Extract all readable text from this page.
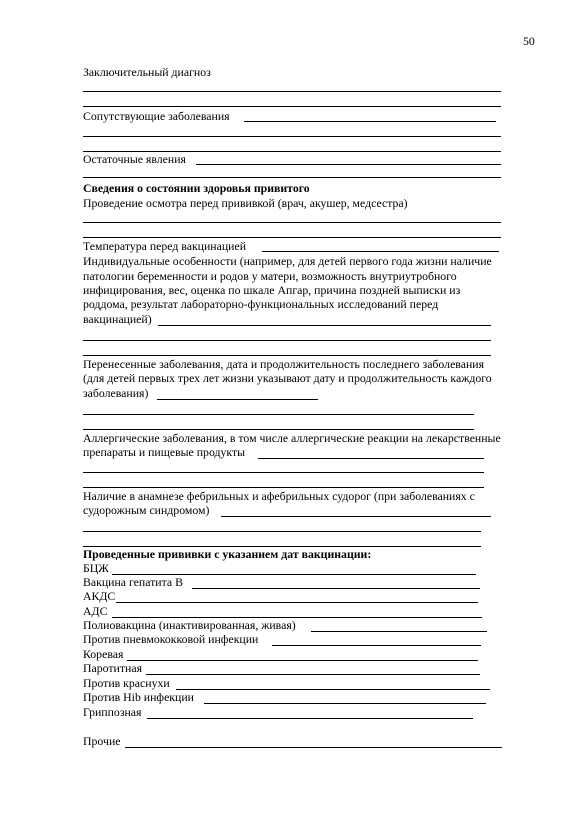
50
Заключительный диагноз
Сопутствующие заболевания
Остаточные явления
Сведения о состоянии здоровья привитого
Проведение осмотра перед прививкой (врач, акушер, медсестра)
Температура перед вакцинацией
Индивидуальные особенности (например, для детей первого года жизни наличие
патологии беременности и родов у матери, возможность внутриутробного
инфицирования, вес, оценка по шкале Апгар, причина поздней выписки из
роддома, результат лабораторно-функциональных исследований перед
вакцинацией)
Перенесенные заболевания, дата и продолжительность последнего заболевания
(для детей первых трех лет жизни указывают дату и продолжительность каждого
заболевания)
Аллергические заболевания, в том числе аллергические реакции на лекарственные
препараты и пищевые продукты
Наличие в анамнезе фебрильных и афебрильных судорог (при заболеваниях с
судорожным синдромом)
Проведенные прививки с указанием дат вакцинации:
БЦЖ
Вакцина гепатита В
АКДС
АДС
Полиовакцина (инактивированная, живая)
Против пневмококковой инфекции
Коревая
Паротитная
Против краснухи
Против Hib инфекции
Гриппозная
Прочие
